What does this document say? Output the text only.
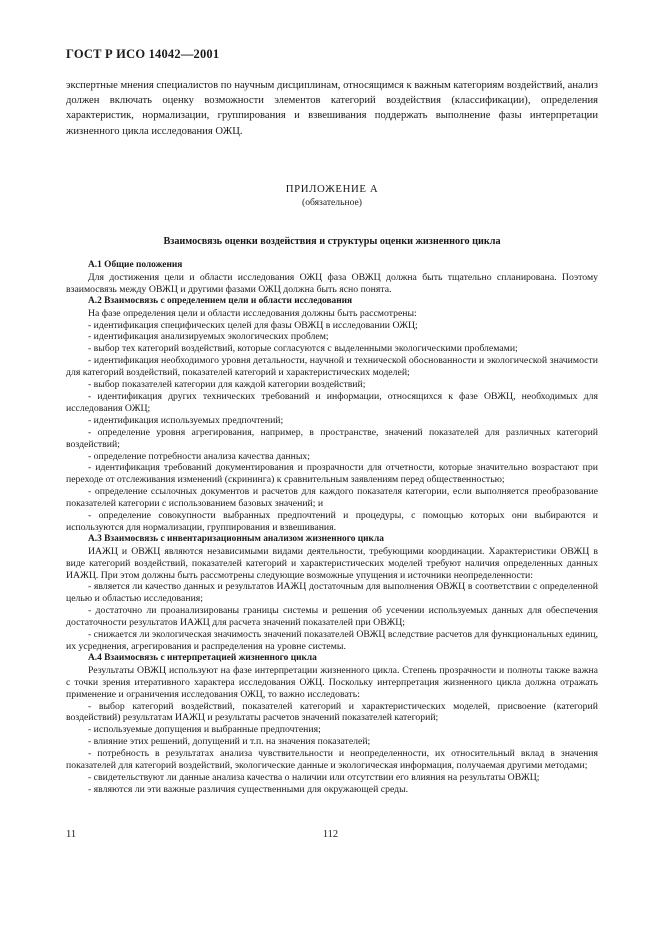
ГОСТ Р ИСО 14042—2001
экспертные мнения специалистов по научным дисциплинам, относящимся к важным категориям воздействий, анализ должен включать оценку возможности элементов категорий воздействия (классификации), определения характеристик, нормализации, группирования и взвешивания поддержать выполнение фазы интерпретации жизненного цикла исследования ОЖЦ.
ПРИЛОЖЕНИЕ А
(обязательное)
Взаимосвязь оценки воздействия и структуры оценки жизненного цикла
А.1 Общие положения

Для достижения цели и области исследования ОЖЦ фаза ОВЖЦ должна быть тщательно спланирована. Поэтому взаимосвязь между ОВЖЦ и другими фазами ОЖЦ должна быть ясно понята.

А.2 Взаимосвязь с определением цели и области исследования

На фазе определения цели и области исследования должны быть рассмотрены:

- идентификация специфических целей для фазы ОВЖЦ в исследовании ОЖЦ;

- идентификация анализируемых экологических проблем;

- выбор тех категорий воздействий, которые согласуются с выделенными экологическими проблемами;

- идентификация необходимого уровня детальности, научной и технической обоснованности и экологической значимости для категорий воздействий, показателей категорий и характеристических моделей;

- выбор показателей категории для каждой категории воздействий;

- идентификация других технических требований и информации, относящихся к фазе ОВЖЦ, необходимых для исследования ОЖЦ;

- идентификация используемых предпочтений;

- определение уровня агрегирования, например, в пространстве, значений показателей для различных категорий воздействий;

- определение потребности анализа качества данных;

- идентификация требований документирования и прозрачности для отчетности, которые значительно возрастают при переходе от отслеживания изменений (скрининга) к сравнительным заявлениям перед общественностью;

- определение ссылочных документов и расчетов для каждого показателя категории, если выполняется преобразование показателей категории с использованием базовых значений; и

- определение совокупности выбранных предпочтений и процедуры, с помощью которых они выбираются и используются для нормализации, группирования и взвешивания.

А.3 Взаимосвязь с инвентаризационным анализом жизненного цикла

ИАЖЦ и ОВЖЦ являются независимыми видами деятельности, требующими координации. Характеристики ОВЖЦ в виде категорий воздействий, показателей категорий и характеристических моделей требуют наличия определенных данных ИАЖЦ. При этом должны быть рассмотрены следующие возможные упущения и источники неопределенности:

- является ли качество данных и результатов ИАЖЦ достаточным для выполнения ОВЖЦ в соответствии с определенной целью и областью исследования;

- достаточно ли проанализированы границы системы и решения об усечении используемых данных для обеспечения достаточности результатов ИАЖЦ для расчета значений показателей при ОВЖЦ;

- снижается ли экологическая значимость значений показателей ОВЖЦ вследствие расчетов для функциональных единиц, их усреднения, агрегирования и распределения на уровне системы.

А.4 Взаимосвязь с интерпретацией жизненного цикла

Результаты ОВЖЦ используют на фазе интерпретации жизненного цикла. Степень прозрачности и полноты также важна с точки зрения итеративного характера исследования ОЖЦ. Поскольку интерпретация жизненного цикла должна отражать применение и ограничения исследования ОЖЦ, то важно исследовать:

- выбор категорий воздействий, показателей категорий и характеристических моделей, присвоение (категорий воздействий) результатам ИАЖЦ и результаты расчетов значений показателей категорий;

- используемые допущения и выбранные предпочтения;

- влияние этих решений, допущений и т.п. на значения показателей;

- потребность в результатах анализа чувствительности и неопределенности, их относительный вклад в значения показателей для категорий воздействий, экологические данные и экологическая информация, получаемая другими методами;

- свидетельствуют ли данные анализа качества о наличии или отсутствии его влияния на результаты ОВЖЦ;

- являются ли эти важные различия существенными для окружающей среды.

11	112
